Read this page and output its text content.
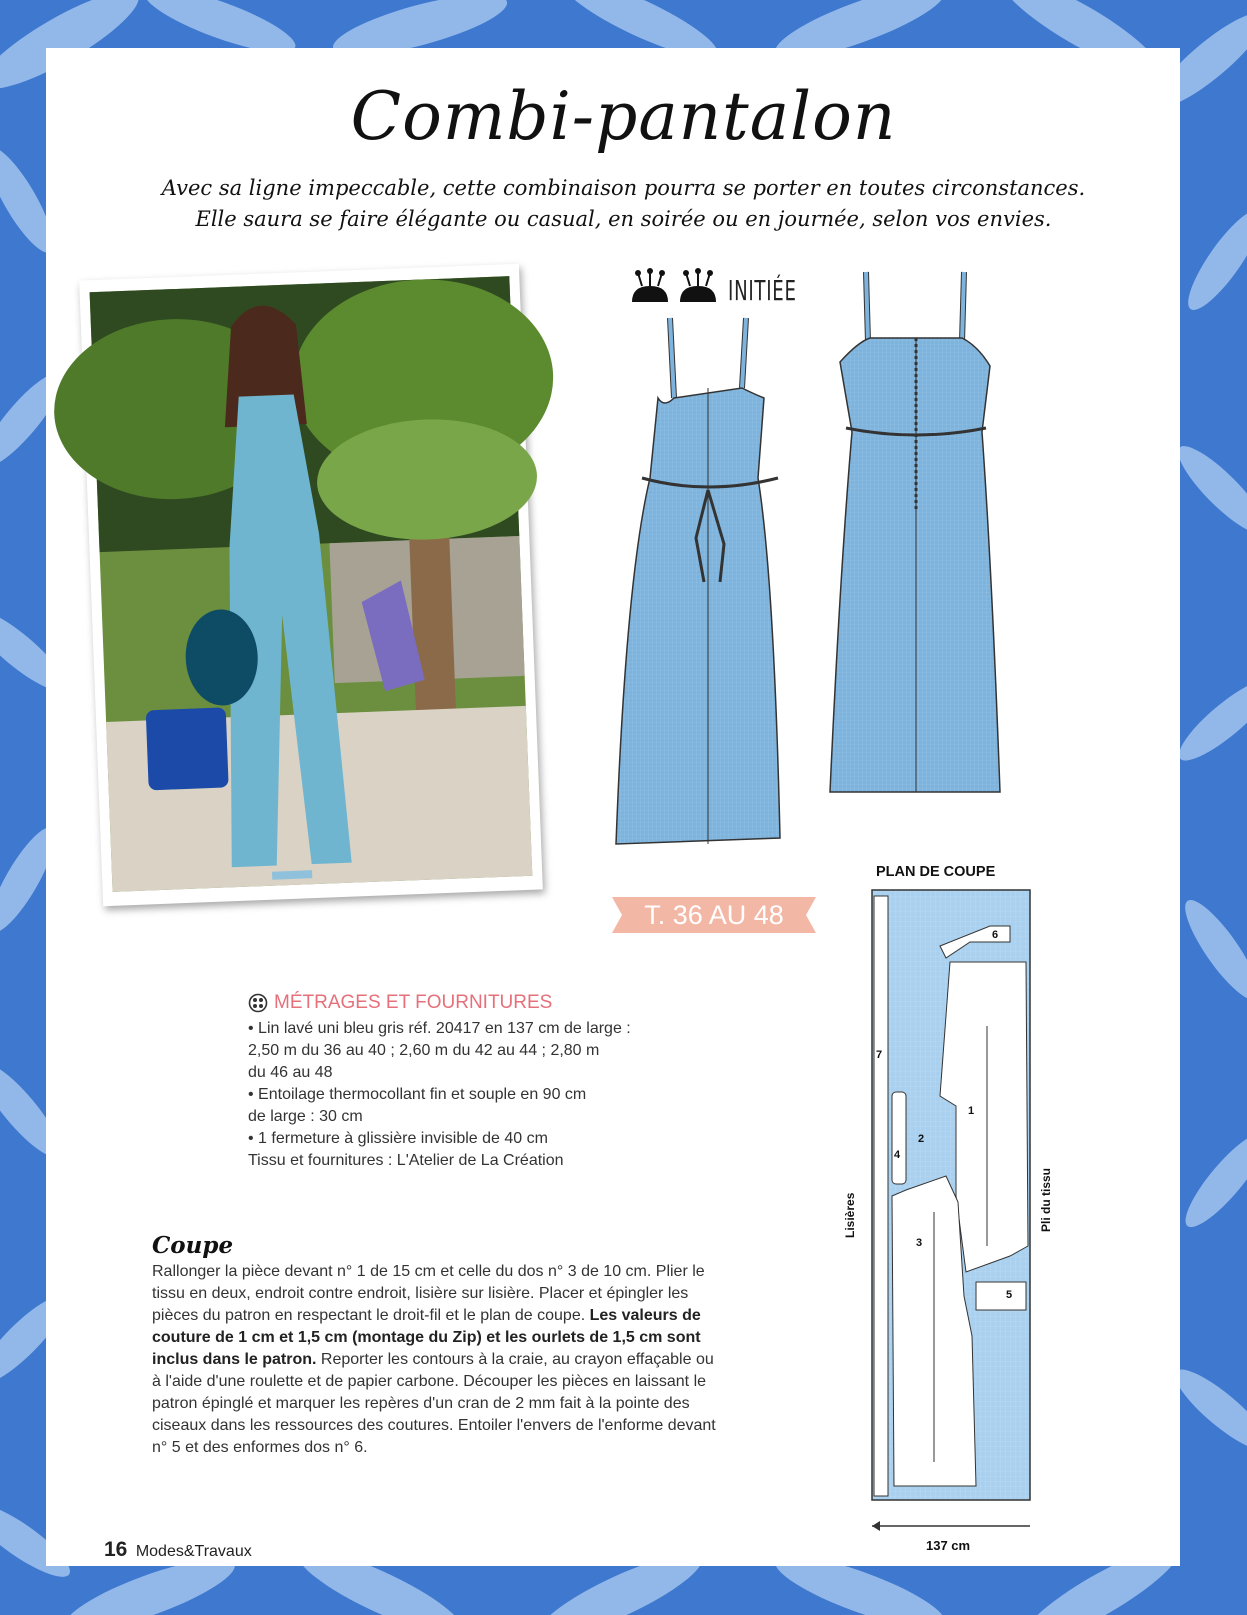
Combi-pantalon
Avec sa ligne impeccable, cette combinaison pourra se porter en toutes circonstances.
Elle saura se faire élégante ou casual, en soirée ou en journée, selon vos envies.
INITIÉE
T. 36 AU 48
MÉTRAGES ET FOURNITURES
• Lin lavé uni bleu gris réf. 20417 en 137 cm de large :
2,50 m du 36 au 40 ; 2,60 m du 42 au 44 ; 2,80 m
du 46 au 48
• Entoilage thermocollant fin et souple en 90 cm
de large : 30 cm
• 1 fermeture à glissière invisible de 40 cm
Tissu et fournitures : L'Atelier de La Création
Coupe
Rallonger la pièce devant n° 1 de 15 cm et celle du dos n° 3 de 10 cm. Plier le tissu en deux, endroit contre endroit, lisière sur lisière. Placer et épingler les pièces du patron en respectant le droit-fil et le plan de coupe. Les valeurs de couture de 1 cm et 1,5 cm (montage du Zip) et les ourlets de 1,5 cm sont inclus dans le patron. Reporter les contours à la craie, au crayon effaçable ou à l'aide d'une roulette et de papier carbone. Découper les pièces en laissant le patron épinglé et marquer les repères d'un cran de 2 mm fait à la pointe des ciseaux dans les ressources des coutures. Entoiler l'envers de l'enforme devant n° 5 et des enformes dos n° 6.
PLAN DE COUPE
1
2
3
4
5
6
7
Lisières	Pli du tissu
137 cm
16 Modes&Travaux
